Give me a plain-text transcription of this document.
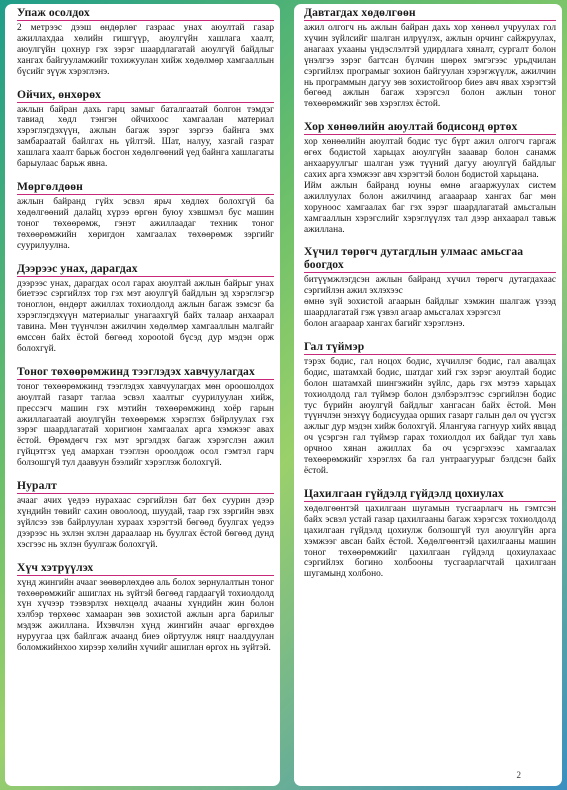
Упаж осолдох

2 метрээс дээш өндөрлөг газраас унах аюултай газар ажиллахдаа хөлийн гишгүүр, аюулгүйн хашлага хаалт, аюулгүйн цохнур гэх зэрэг шаардлагатай аюулгүй байдлыг хангах байгууламжийг тохижуулан хийж хөдөлмөр хамгааллын бүсийг зүүж хэрэглэнэ.

Ойчих, өнхөрөх

ажлын байран дахь гарц замыг баталгаатай болгон тэмдэг тавиад хөдл тэнгэн ойчихоос хамгаалан материал хэрэглэгдэхүүн, ажлын багаж зэрэг зэргээ байнга эмх замбараатай байлгах нь үйлтэй. Шат, налуу, хазгай газрат хашлага хаалт барьж босгон хөдөлгөөний үед байнга хашлагаты барыулаас барьж явна.

Мөргөлдөөн

ажлын байранд гүйх эсвэл ярьч хөдлөх болохгүй ба хөдөлгөөний далайц хүрээ өргөн буюу хэвшмэл бус машин тоног төхөөрөмж, гэнэт ажиллаадаг техник тоног төхөөрөмжийн хөригдон хамгаалах төхөөрөмж зэргийг суурилуулна.

Дээрээс унах, дарагдах

дээрээс унах, дарагдах осол гарах аюултай ажлын байрыг унах биетээс сэргийлэх тор гэх мэт аюулгүй байдлын эд хэрэглэгэр тоноглон, өндөрт ажиллах тохиолдолд ажлын багаж зэмсэг ба хэрэглэгдэхүүн материалыг унагаахгүй байх талаар анхаарал тавина. Мөн түүнчлэн ажилчин хөдөлмөр хамгааллын малгайг өмссөн байх ёстой бөгөөд хорооtoй бүсэд дур мэдэн орж болохгүй.

Тоног төхөөрөмжинд тээглэдэх хавчуулагдах

тоног төхөөрөмжинд тээглэдэх хавчуулагдах мөн ороошолдох аюултай газарт таглаа эсвэл хаалтыг суурилуулан хийж, прессэгч машин гэх мэтийн төхөөрөмжинд хоёр гарын ажиллагаатай аюулгүйн төхөөрөмж хэрэглэх бэйрлуулах гэх зэрэг шаардлагатай хоригион хамгаалах арга хэмжээг авах ёстой. Өрөмдөгч гэх мэт эргэлдэх багаж хэрэгслэн ажил гүйцэтгэх үед амархан тээглэн ороолдож осол гэмтэл гарч болзошгүй тул даавуун бээлийг хэрэглэж болохгүй.

Нуралт

ачааг ачих үедээ нурахаас сэргийлэн бат бөх суурин дээр хүндийн төвийг сахин овоолоод, шуудай, таар гэх зэргийн эвэх зүйлсээ зэв байрлуулан хураах хэрэгтэй бөгөөд буулгах үедээ дээрээс нь эхлэн эхлэн дараалаар нь буулгах ёстой бөгөөд дунд хэсгээс нь эхлэн буулгаж болохгүй.

Хүч хэтрүүлэх

хүнд жингийн ачааг зөөвөрлөхдөө аль болох зөрнулалтын тоног төхөөрөмжийг ашиглах нь зүйтэй бөгөөд гардаагүй тохиолдолд хүн хүчээр тээвэрлэх нөхцөлд ачааны хүндийн жин болон хэлбэр төрхөөс хамааран зөв зохистой ажлын арга барилыг мэдэж ажиллана. Ихэвчлэн хүнд жингийн ачааг өргөхдөө нуруугаа цэх байлгаж ачаанд биеэ ойртуулж няцт наалдуулан боломжийнхоо хирээр хөлийн хүчийг ашиглан өргох нь зүйтэй.

Давтагдах хөдөлгөөн

ажил олгогч нь ажлын байран дахь хор хөнөөл учруулах гол хүчин зүйлсийг шалган илрүүлэх, ажлын орчинг сайжруулах, анагаах ухааны үндэслэлтэй удирдлага хяналт, сургалт болон үнэлгээ зэрэг багтсан бүлчин шөрөх эмгэгээс урьдчилан сэргийлэх програмыг зохион байгуулан хэрэгжүүлж, ажилчин нь программын дагуу зөв зохистойгоор биеэ авч явах хэрэгтэй бөгөөд ажлын багаж хэрэгсэл болон ажлын тоног төхөөрөмжийг зөв хэрэглэх ёстой.

Хор хөнөөлийн аюултай бодисонд өртөх

хор хөнөөлийн аюултай бодис тус бүрт ажил олгогч гаргаж өгөх бодистой харьцах аюулгүйн зааавар болон санамж анхааруулгыг шалган уэж түүний дагуу аюулгүй байдлыг сахих арга хэмжээг авч хэрэгтэй болон бодистой харьцана.
Ийм ажлын байранд юуны өмнө агааржуулах систем ажиллуулах болон ажилчинд агааараар хангах бaг мөн хоруноос хамгаалах баг гэх зэрэг шаардлагатай амьсгалын хамгааллын хэрэгслийг хэрэглүүлэх тал дээр анхаарал тавьж ажиллана.

Хүчил төрөгч дутагдлын улмаас амьсгаа боогдох

битүүмжлэгдсэн ажлын байранд хүчил төрөгч дутагдахаас сэргийлэн ажил эхлэхээс
өмнө зүй зохистой агаарын байдлыг хэмжин шалгаж үзээд шаардлагатай гэж үзвэл агаар амьсгалах хэрэгсэл
болон агаараар хангах багийг хэрэглэнэ.

Гал түймэр

тэрэх бодис, гал ноцох бодис, хүчиллэг бодис, гал авалцах бодис, шатамхай бодис, шатдаг хий гэх зэрэг аюултай бодис болон шатамхай шингэжийн зүйлс, дарь гэх мэтээ харьцах тохиолдолд гал түймэр болон дэлбэрэлтээс сэргийлэн бодис тус бүрийн аюулгүй байдлыг хангасан байх ёстой. Мөн түүнчлэн энэхүү бодисуудаа орших газарт галын дөл оч үүсгэх ажлыг дур мэдэн хийж болохгүй. Ялангуяа гагнуур хийх явцад оч үсэргэн гал түймэр гарах тохиолдол их байдаг тул хавь орчноо хянан ажиллах ба оч үсэргэхээс хамгаалах төхөөрөмжийг хэрэглэх ба гал унтраагуурыг бэлдсэн байх ёстой.

Цахилгаан гүйдэлд гүйдэлд цохиулах

хөдөлгөөнтэй цахилгаан шугамын тусгаарлагч нь гэмтсэн байх эсвэл устай газар цахилгааны багаж хэрэгсэх тохиолдолд цахилгаан гүйдэлд цохиулж болзошгүй тул аюулгүйн арга хэмжээг авсан байх ёстой. Хөдөлгөөнтэй цахилгааны машин тоног төхөөрөмжийг цахилгаан гүйдэлд цохиулахаас сэргийлэх богино холбооны тусгаарлагчтай цахилгаан шугамынд холбоно.

2
